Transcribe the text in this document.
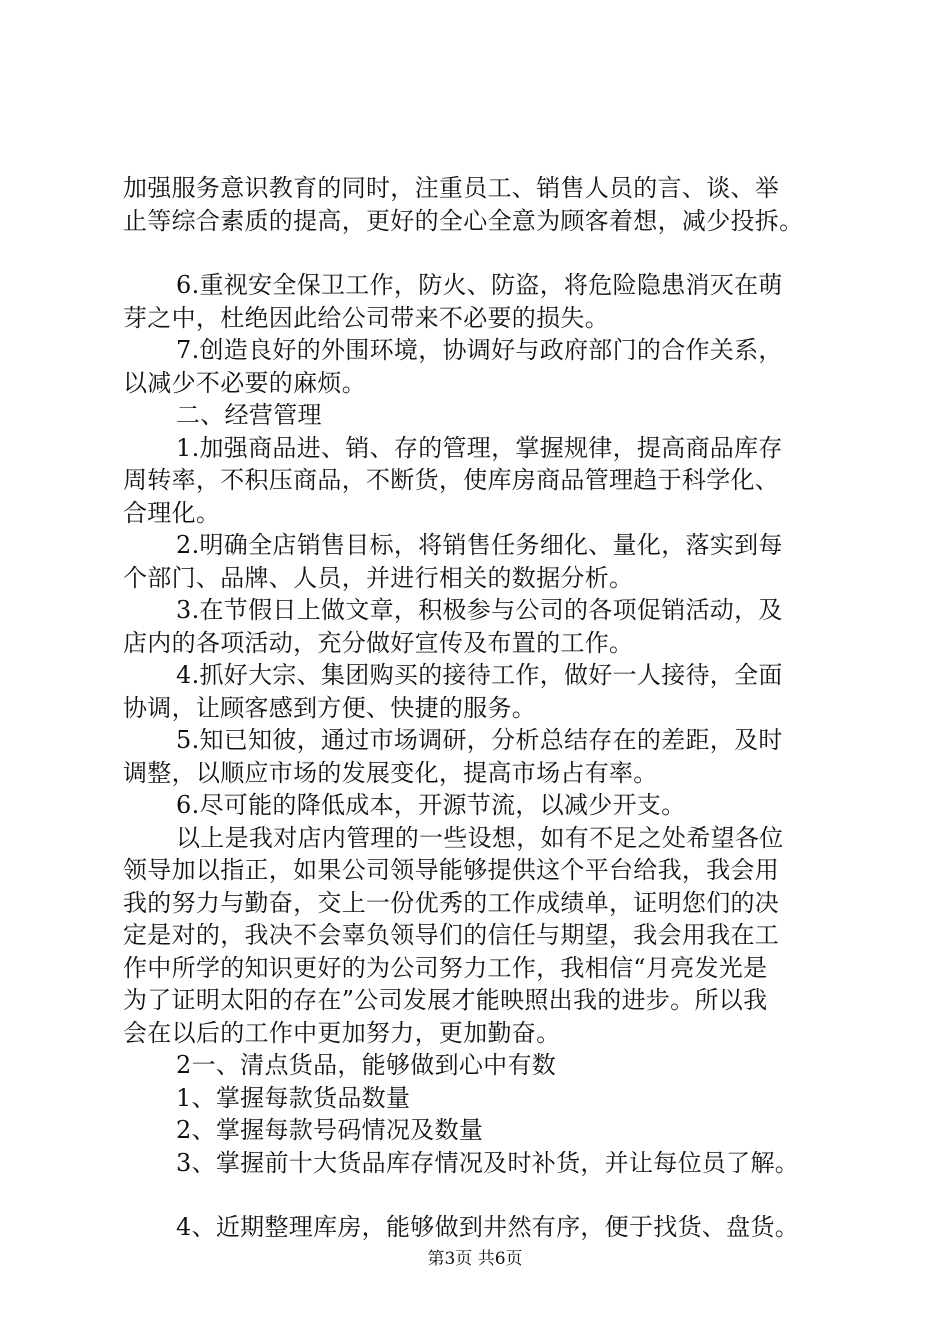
加强服务意识教育的同时，注重员工、销售人员的言、谈、举

止等综合素质的提高，更好的全心全意为顾客着想，减少投拆。

6.重视安全保卫工作，防火、防盗，将危险隐患消灭在萌

芽之中，杜绝因此给公司带来不必要的损失。

7.创造良好的外围环境，协调好与政府部门的合作关系，

以减少不必要的麻烦。

二、经营管理

1.加强商品进、销、存的管理，掌握规律，提高商品库存

周转率，不积压商品，不断货，使库房商品管理趋于科学化、

合理化。

2.明确全店销售目标，将销售任务细化、量化，落实到每

个部门、品牌、人员，并进行相关的数据分析。

3.在节假日上做文章，积极参与公司的各项促销活动，及

店内的各项活动，充分做好宣传及布置的工作。

4.抓好大宗、集团购买的接待工作，做好一人接待，全面

协调，让顾客感到方便、快捷的服务。

5.知已知彼，通过市场调研，分析总结存在的差距，及时

调整，以顺应市场的发展变化，提高市场占有率。

6.尽可能的降低成本，开源节流，以减少开支。

以上是我对店内管理的一些设想，如有不足之处希望各位

领导加以指正，如果公司领导能够提供这个平台给我，我会用

我的努力与勤奋，交上一份优秀的工作成绩单，证明您们的决

定是对的，我决不会辜负领导们的信任与期望，我会用我在工

作中所学的知识更好的为公司努力工作，我相信“月亮发光是

为了证明太阳的存在”公司发展才能映照出我的进步。所以我

会在以后的工作中更加努力，更加勤奋。

2一、清点货品，能够做到心中有数

1、掌握每款货品数量

2、掌握每款号码情况及数量

3、掌握前十大货品库存情况及时补货，并让每位员了解。

4、近期整理库房，能够做到井然有序，便于找货、盘货。

第3页 共6页
